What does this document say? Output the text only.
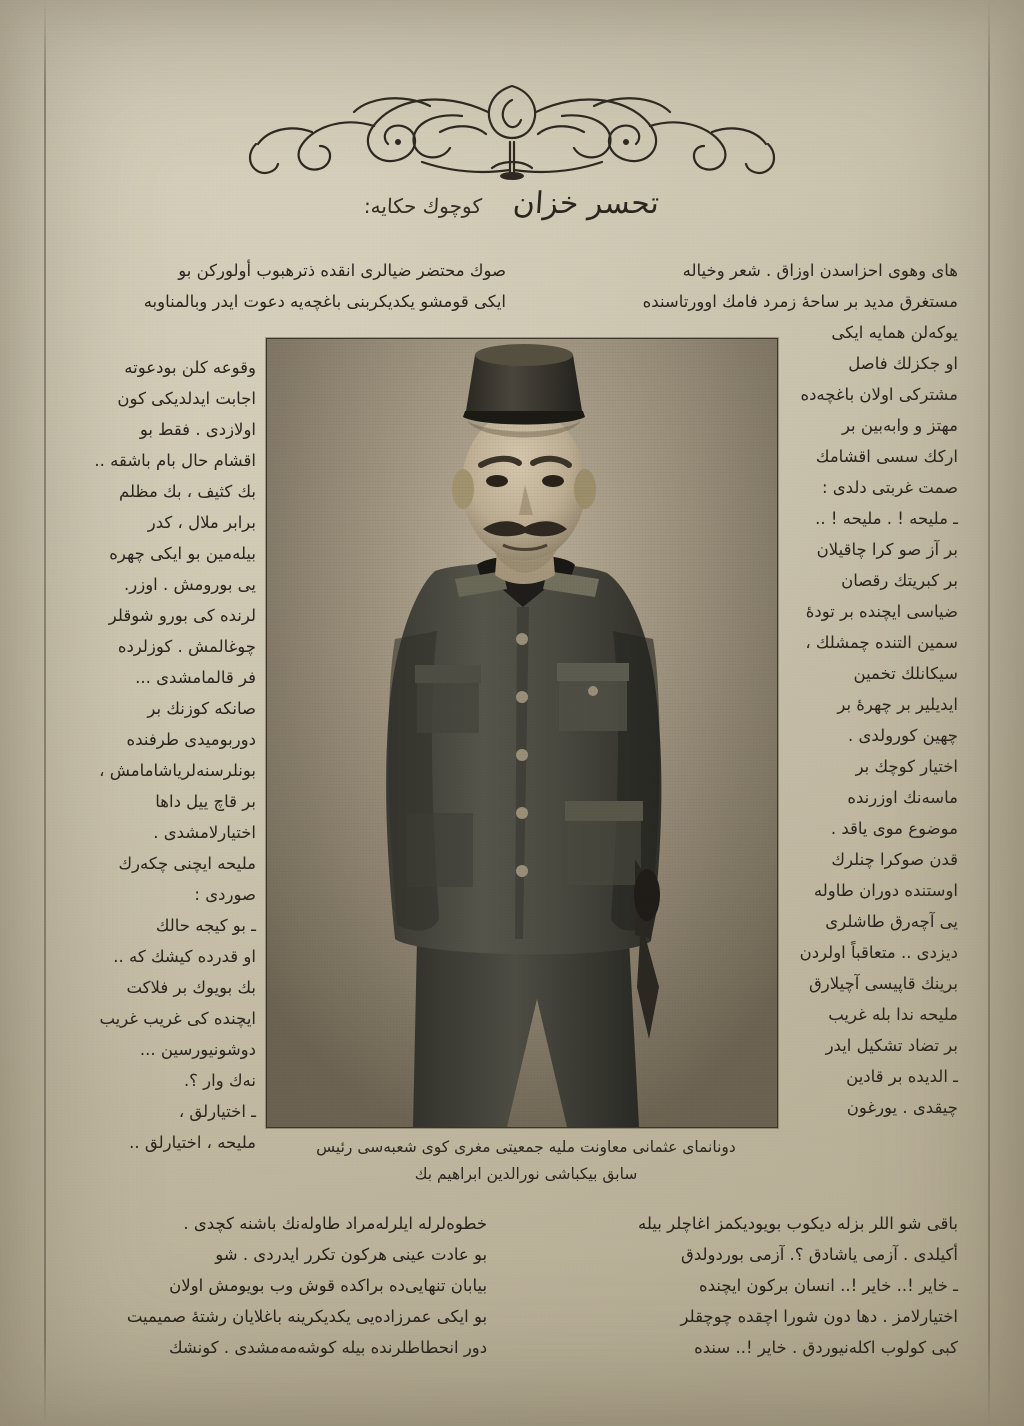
تحسر خزان كوچوك حكايه:
صوك محتضر ضیالری انقده ذترهبوب أولوركن بو
ایكی قومشو یكدیكربنی باغچه‌یه دعوت ایدر وبالمناوبه
های وهوی احزاسدن اوزاق . شعر وخیاله
مستغرق مدید بر ساحهٔ زمرد فامك اوورتاسنده
یوكه‌لن همایه ایكی
او جكزلك فاصل
مشتركی اولان باغچه‌ده
مهتز و وابه‌بین بر
اركك سسی اقشامك
صمت غربتی دلدی :
ـ ملیحه ! . ملیحه ! ..
بر آز صو كرا چاقیلان
بر كبریتك رقصان
ضیاسی ایچنده بر تودهٔ
سمین التنده چمشلك ،
سیكانلك تخمین
ایدیلیر بر چهرهٔ بر
چهین كورولدی .
اختیار كوچك بر
ماسه‌نك اوزرنده
موضوع موی یاقد .
قدن صوكرا چنلرك
اوستنده دوران طاوله
یی آچه‌رق طاشلری
دیزدی .. متعاقباً اولردن
برینك قاپیسی آچیلارق
ملیحه ندا بله غریب
بر تضاد تشكیل ایدر
ـ الدیده بر قادین
چیقدی . یورغون
وقوعه كلن بودعوته
اجابت ایدلدیكی كون
اولازدی . فقط بو
اقشام حال بام باشقه ..
بك كثیف ، بك مظلم
برابر ملال ، كدر
بیله‌مین بو ایكی چهره
یی بورومش . اوزر.
لرنده كی بورو شوقلر
چوغالمش . كوزلرده
فر قالمامشدی ...
صانكه كوزنك بر
دوربومیدی طرفنده
بونلرسنه‌لریاشامامش ،
بر قاچ ییل داها
اختیارلامشدی .
ملیحه ایچنی چكه‌رك
صوردی :
ـ بو كیجه حالك
او قدرده كیشك كه ..
بك بویوك بر فلاكت
ایچنده كی غریب غریب
دوشونیورسین ...
نه‌ك وار ؟.
ـ اختیارلق ،
ملیحه ، اختیارلق ..	دونانمای عثمانی معاونت ملیه جمعیتی مغری كوی شعبه‌سی رئیس
سابق بیكباشی نورالدین ابراهیم بك
خطوه‌لرله ایلرله‌مراد طاوله‌نك باشنه كچدی .
بو عادت عینی هركون تكرر ایدردی . شو
بیابان تنهایی‌ده براكده قوش وب بویومش اولان
بو ایكی عمرزاده‌یی یكدیكرینه باغلایان رشتهٔ صمیمیت
دور انحطاطلرنده بیله كوشه‌مه‌مشدی . كونشك
باقی شو اللر بزله دیكوب بویودیكمز اغاچلر بیله
أكیلدی . آزمی یاشادق ؟. آزمی بوردولدق
ـ خایر !.. خایر !.. انسان بركون ایچنده
اختیارلامز . دها دون شورا اچقده چوچقلر
كبی كولوب اكله‌نیوردق . خایر !.. سنده
